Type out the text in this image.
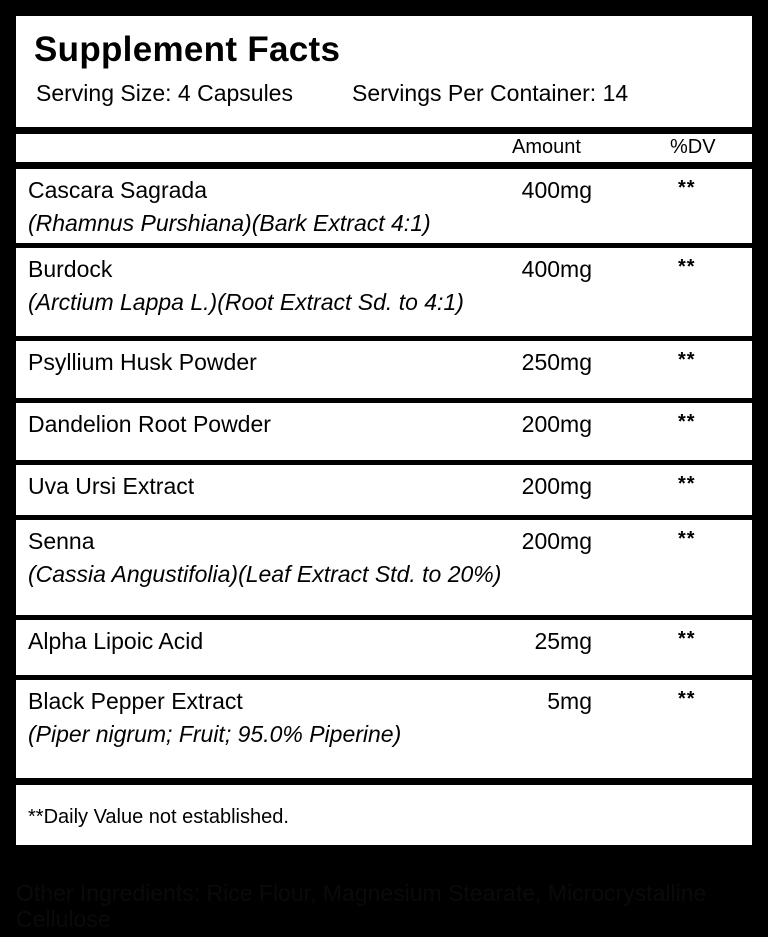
Supplement Facts
Serving Size: 4 Capsules	Servings Per Container: 14
Amount	%DV
Cascara Sagrada
(Rhamnus Purshiana)(Bark Extract 4:1)
400mg	**
Burdock
(Arctium Lappa L.)(Root Extract Sd. to 4:1)
400mg	**
Psyllium Husk Powder	250mg	**
Dandelion Root Powder	200mg	**
Uva Ursi Extract	200mg	**
Senna
(Cassia Angustifolia)(Leaf Extract Std. to 20%)
200mg	**
Alpha Lipoic Acid	25mg	**
Black Pepper Extract
(Piper nigrum; Fruit; 95.0% Piperine)
5mg	**
**Daily Value not established.
Other Ingredients: Rice Flour, Magnesium Stearate, Microcrystalline Cellulose
